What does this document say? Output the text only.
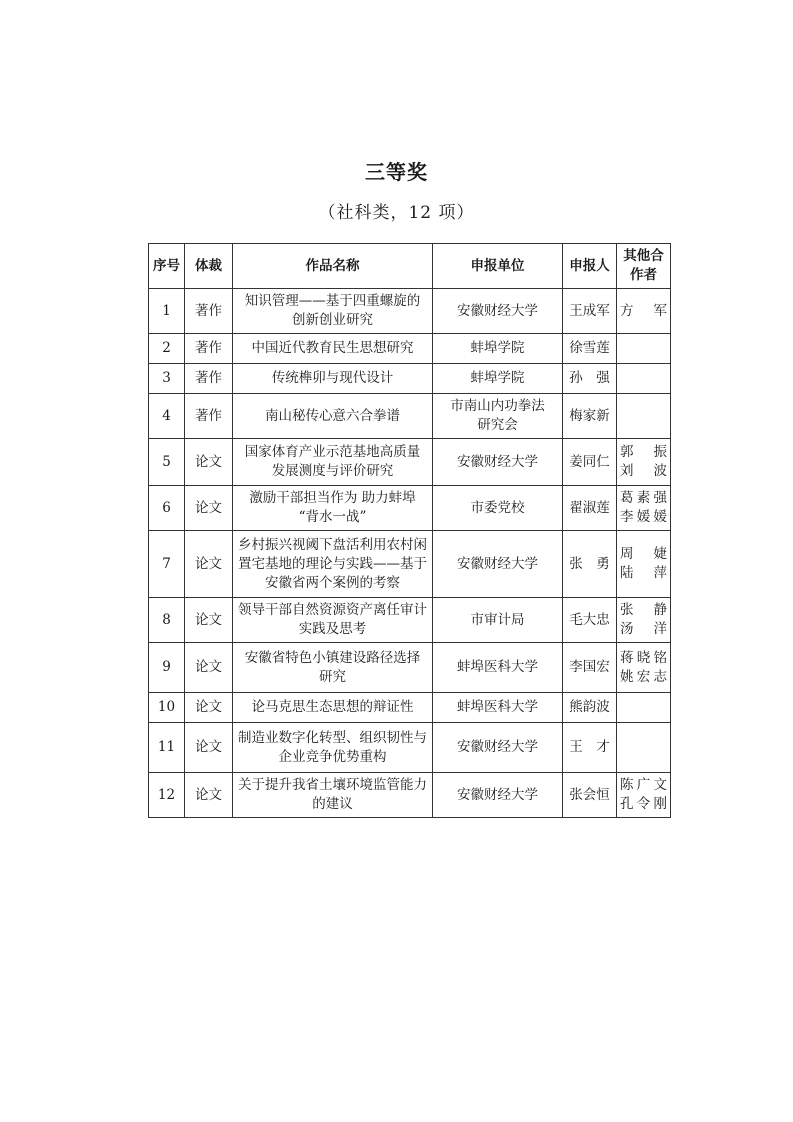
三等奖
（社科类，12 项）
序号	体裁	作品名称	申报单位	申报人	其他合作者

1	著作	知识管理——基于四重螺旋的
创新创业研究	安徽财经大学	王成军	方　军

2	著作	中国近代教育民生思想研究	蚌埠学院	徐雪莲	
3	著作	传统榫卯与现代设计	蚌埠学院	孙　强	
4	著作	南山秘传心意六合拳谱	市南山内功拳法
研究会	梅家新	
5	论文	国家体育产业示范基地高质量
发展测度与评价研究	安徽财经大学	姜同仁	郭　振
刘　波

6	论文	激励干部担当作为 助力蚌埠
“背水一战”	市委党校	翟淑莲	葛素强
李媛媛

7	论文	乡村振兴视阈下盘活利用农村闲
置宅基地的理论与实践——基于
安徽省两个案例的考察	安徽财经大学	张　勇	周　婕
陆　萍

8	论文	领导干部自然资源资产离任审计
实践及思考	市审计局	毛大忠	张　静
汤　洋

9	论文	安徽省特色小镇建设路径选择
研究	蚌埠医科大学	李国宏	蒋晓铭
姚宏志

10	论文	论马克思生态思想的辩证性	蚌埠医科大学	熊韵波	
11	论文	制造业数字化转型、组织韧性与
企业竞争优势重构	安徽财经大学	王　才	
12	论文	关于提升我省土壤环境监管能力
的建议	安徽财经大学	张会恒	陈广文
孔令刚
